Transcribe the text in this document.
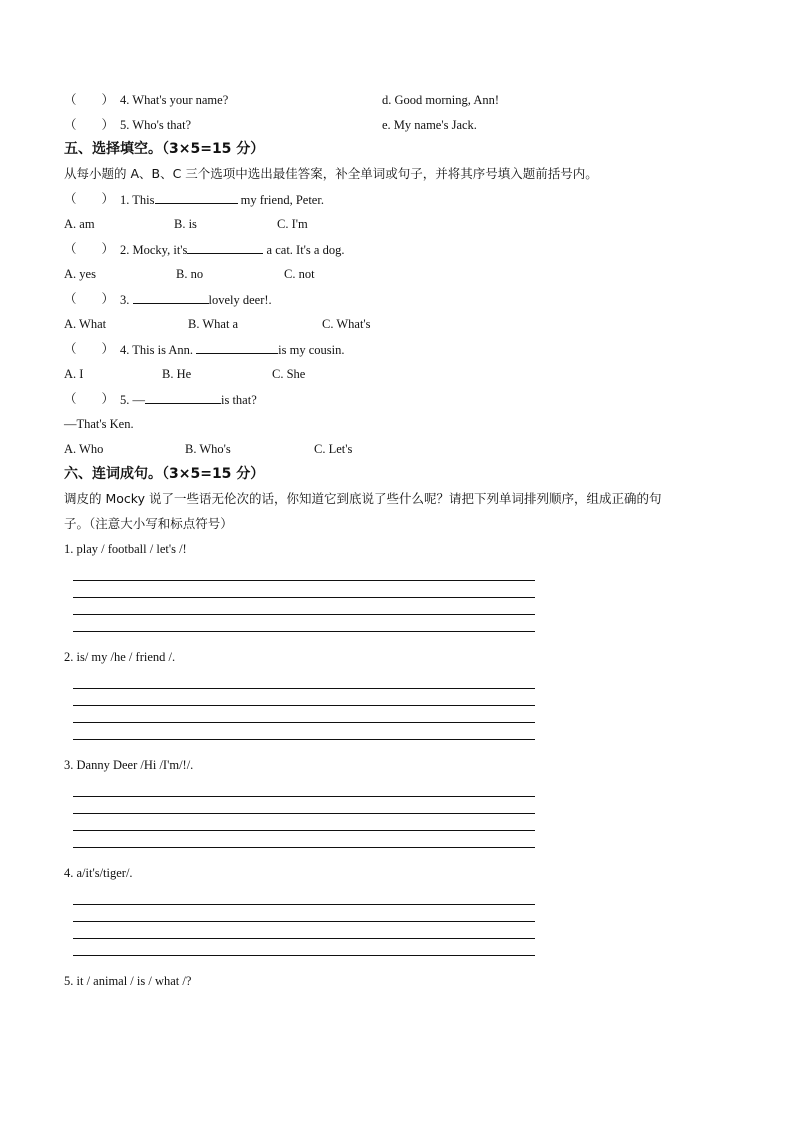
（　　） 4. What's your name?	d. Good morning, Ann!
（　　） 5. Who's that?	e. My name's Jack.
五、选择填空。（3×5=15 分）
从每小题的 A、B、C 三个选项中选出最佳答案，补全单词或句子，并将其序号填入题前括号内。
（　　） 1. This	my friend, Peter.
A. am	B. is	C. I'm
（　　） 2. Mocky, it's	a cat. It's a dog.
A. yes	B. no	C. not
（　　） 3.	lovely deer!.
A. What	B. What a	C. What's
（　　） 4. This is Ann.	is my cousin.
A. I	B. He	C. She
（　　） 5. —	is that?
—That's Ken.
A. Who	B. Who's	C. Let's
六、连词成句。（3×5=15 分）
调皮的 Mocky 说了一些语无伦次的话，你知道它到底说了些什么呢？请把下列单词排列顺序，组成正确的句
子。（注意大小写和标点符号）
1. play / football / let's /!
2. is/ my /he / friend /.
3. Danny Deer /Hi /I'm/!/.
4. a/it's/tiger/.
5. it / animal / is / what /?
